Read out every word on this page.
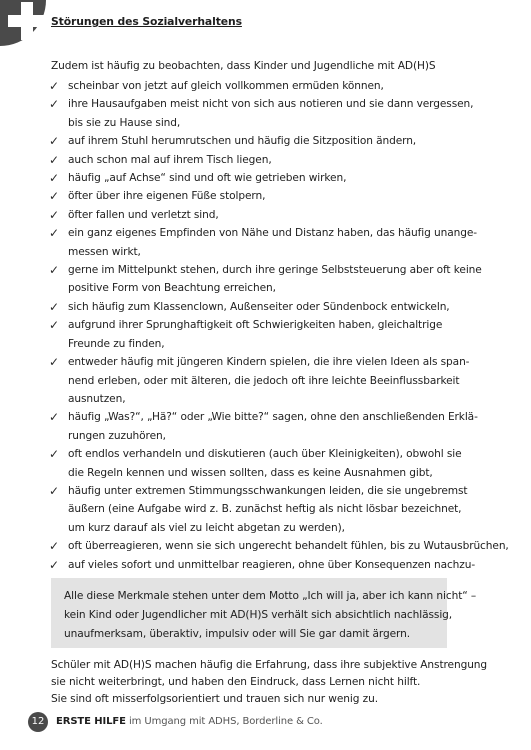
Störungen des Sozialverhaltens
Zudem ist häufig zu beobachten, dass Kinder und Jugendliche mit AD(H)S
✓ scheinbar von jetzt auf gleich vollkommen ermüden können,
✓ ihre Hausaufgaben meist nicht von sich aus notieren und sie dann vergessen,
bis sie zu Hause sind,
✓ auf ihrem Stuhl herumrutschen und häufig die Sitzposition ändern,
✓ auch schon mal auf ihrem Tisch liegen,
✓ häufig „auf Achse“ sind und oft wie getrieben wirken,
✓ öfter über ihre eigenen Füße stolpern,
✓ öfter fallen und verletzt sind,
✓ ein ganz eigenes Empfinden von Nähe und Distanz haben, das häufig unange-
messen wirkt,
✓ gerne im Mittelpunkt stehen, durch ihre geringe Selbststeuerung aber oft keine
positive Form von Beachtung erreichen,
✓ sich häufig zum Klassenclown, Außenseiter oder Sündenbock entwickeln,
✓ aufgrund ihrer Sprunghaftigkeit oft Schwierigkeiten haben, gleichaltrige
Freunde zu finden,
✓ entweder häufig mit jüngeren Kindern spielen, die ihre vielen Ideen als span-
nend erleben, oder mit älteren, die jedoch oft ihre leichte Beeinflussbarkeit
ausnutzen,
✓ häufig „Was?“, „Hä?“ oder „Wie bitte?“ sagen, ohne den anschließenden Erklä-
rungen zuzuhören,
✓ oft endlos verhandeln und diskutieren (auch über Kleinigkeiten), obwohl sie
die Regeln kennen und wissen sollten, dass es keine Ausnahmen gibt,
✓ häufig unter extremen Stimmungsschwankungen leiden, die sie ungebremst
äußern (eine Aufgabe wird z. B. zunächst heftig als nicht lösbar bezeichnet,
um kurz darauf als viel zu leicht abgetan zu werden),
✓ oft überreagieren, wenn sie sich ungerecht behandelt fühlen, bis zu Wutausbrüchen,
✓ auf vieles sofort und unmittelbar reagieren, ohne über Konsequenzen nachzu-
Alle diese Merkmale stehen unter dem Motto „Ich will ja, aber ich kann nicht“ –
kein Kind oder Jugendlicher mit AD(H)S verhält sich absichtlich nachlässig,
unaufmerksam, überaktiv, impulsiv oder will Sie gar damit ärgern.
Schüler mit AD(H)S machen häufig die Erfahrung, dass ihre subjektive Anstrengung
sie nicht weiterbringt, und haben den Eindruck, dass Lernen nicht hilft.
Sie sind oft misserfolgsorientiert und trauen sich nur wenig zu.
12	ERSTE HILFE im Umgang mit ADHS, Borderline & Co.
